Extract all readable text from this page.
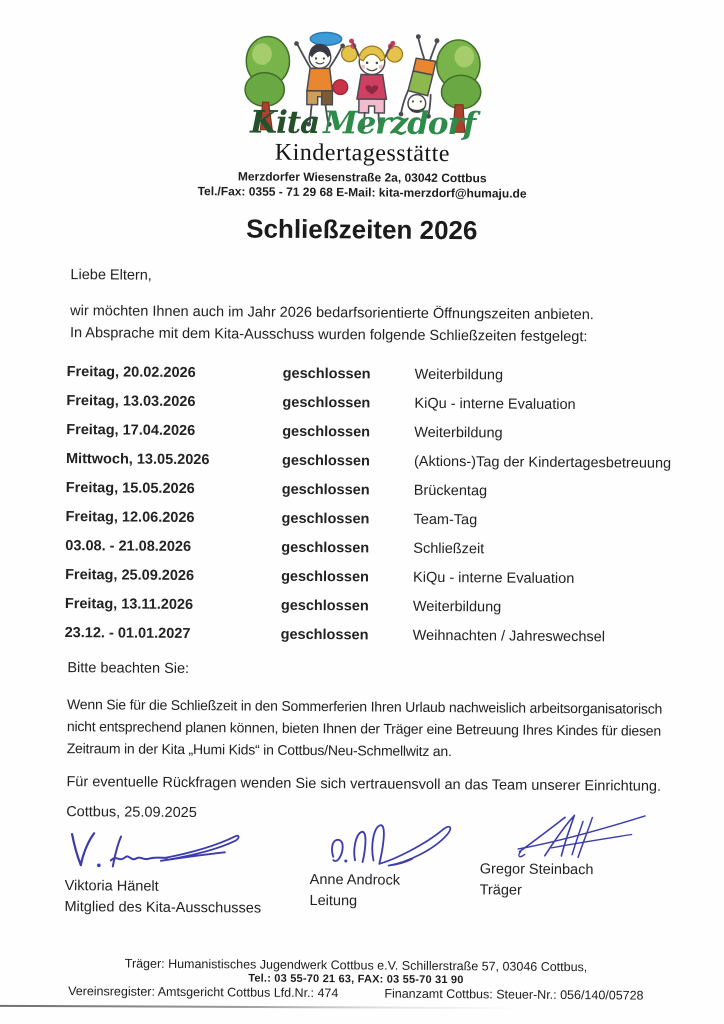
Kita Merzdorf
Kindertagesstätte
Merzdorfer Wiesenstraße 2a, 03042 Cottbus
Tel./Fax: 0355 - 71 29 68 E-Mail: kita-merzdorf@humaju.de
Schließzeiten 2026

Liebe Eltern,

wir möchten Ihnen auch im Jahr 2026 bedarfsorientierte Öffnungszeiten anbieten.
In Absprache mit dem Kita-Ausschuss wurden folgende Schließzeiten festgelegt:
Freitag, 20.02.2026	geschlossen	Weiterbildung
Freitag, 13.03.2026	geschlossen	KiQu - interne Evaluation
Freitag, 17.04.2026	geschlossen	Weiterbildung
Mittwoch, 13.05.2026	geschlossen	(Aktions-)Tag der Kindertagesbetreuung
Freitag, 15.05.2026	geschlossen	Brückentag
Freitag, 12.06.2026	geschlossen	Team-Tag
03.08. - 21.08.2026	geschlossen	Schließzeit
Freitag, 25.09.2026	geschlossen	KiQu - interne Evaluation
Freitag, 13.11.2026	geschlossen	Weiterbildung
23.12. - 01.01.2027	geschlossen	Weihnachten / Jahreswechsel

Bitte beachten Sie:

Wenn Sie für die Schließzeit in den Sommerferien Ihren Urlaub nachweislich arbeitsorganisatorisch nicht entsprechend planen können, bieten Ihnen der Träger eine Betreuung Ihres Kindes für diesen Zeitraum in der Kita „Humi Kids“ in Cottbus/Neu-Schmellwitz an.

Für eventuelle Rückfragen wenden Sie sich vertrauensvoll an das Team unserer Einrichtung.

Cottbus, 25.09.2025

Viktoria Hänelt
Mitglied des Kita-Ausschusses
Anne Androck
Leitung
Gregor Steinbach
Träger
Träger: Humanistisches Jugendwerk Cottbus e.V. Schillerstraße 57, 03046 Cottbus,
Tel.: 03 55-70 21 63, FAX: 03 55-70 31 90
Vereinsregister: Amtsgericht Cottbus Lfd.Nr.: 474	Finanzamt Cottbus: Steuer-Nr.: 056/140/05728
